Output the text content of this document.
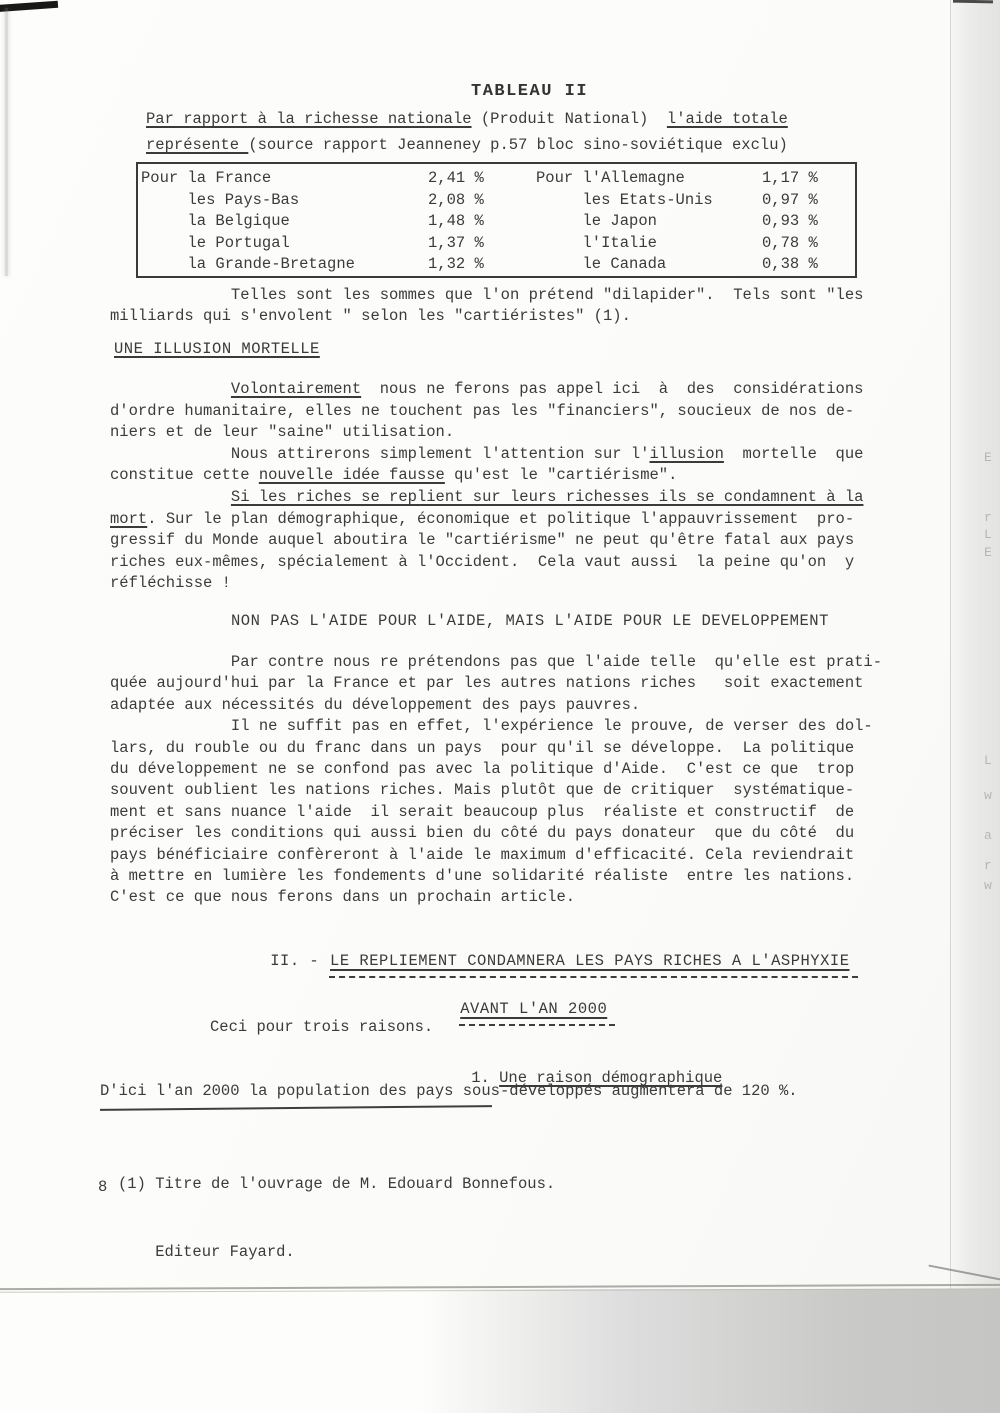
E
r
L
E
L
w
a
r
w
TABLEAU II
Par rapport à la richesse nationale (Produit National)  l'aide totale
représente (source rapport Jeanneney p.57 bloc sino-soviétique exclu)
Pour la France	2,41 %	Pour l'Allemagne	1,17 %
les Pays-Bas	2,08 %	les Etats-Unis	0,97 %
la Belgique	1,48 %	le Japon	0,93 %
le Portugal	1,37 %	l'Italie	0,78 %
la Grande-Bretagne	1,32 %	le Canada	0,38 %
Telles sont les sommes que l'on prétend "dilapider".  Tels sont "les
milliards qui s'envolent " selon les "cartiéristes" (1).
UNE ILLUSION MORTELLE
Volontairement  nous ne ferons pas appel ici  à  des  considérations
d'ordre humanitaire, elles ne touchent pas les "financiers", soucieux de nos de-
niers et de leur "saine" utilisation.
Nous attirerons simplement l'attention sur l'illusion  mortelle  que
constitue cette nouvelle idée fausse qu'est le "cartiérisme".
Si les riches se replient sur leurs richesses ils se condamnent à la
mort. Sur le plan démographique, économique et politique l'appauvrissement  pro-
gressif du Monde auquel aboutira le "cartiérisme" ne peut qu'être fatal aux pays
riches eux-mêmes, spécialement à l'Occident.  Cela vaut aussi  la peine qu'on  y
réfléchisse !
NON PAS L'AIDE POUR L'AIDE, MAIS L'AIDE POUR LE DEVELOPPEMENT
Par contre nous re prétendons pas que l'aide telle  qu'elle est prati-
quée aujourd'hui par la France et par les autres nations riches   soit exactement
adaptée aux nécessités du développement des pays pauvres.
Il ne suffit pas en effet, l'expérience le prouve, de verser des dol-
lars, du rouble ou du franc dans un pays  pour qu'il se développe.  La politique
du développement ne se confond pas avec la politique d'Aide.  C'est ce que  trop
souvent oublient les nations riches. Mais plutôt que de critiquer  systématique-
ment et sans nuance l'aide  il serait beaucoup plus  réaliste et constructif  de
préciser les conditions qui aussi bien du côté du pays donateur  que du côté  du
pays bénéficiaire confèreront à l'aide le maximum d'efficacité. Cela reviendrait
à mettre en lumière les fondements d'une solidarité réaliste  entre les nations.
C'est ce que nous ferons dans un prochain article.

II. - LE REPLIEMENT CONDAMNERA LES PAYS RICHES A L'ASPHYXIE

AVANT L'AN 2000

Ceci pour trois raisons.

1. Une raison démographique

D'ici l'an 2000 la population des pays sous-développés augmentera de 120 %.

(1) Titre de l'ouvrage de M. Edouard Bonnefous.

Editeur Fayard.

8
